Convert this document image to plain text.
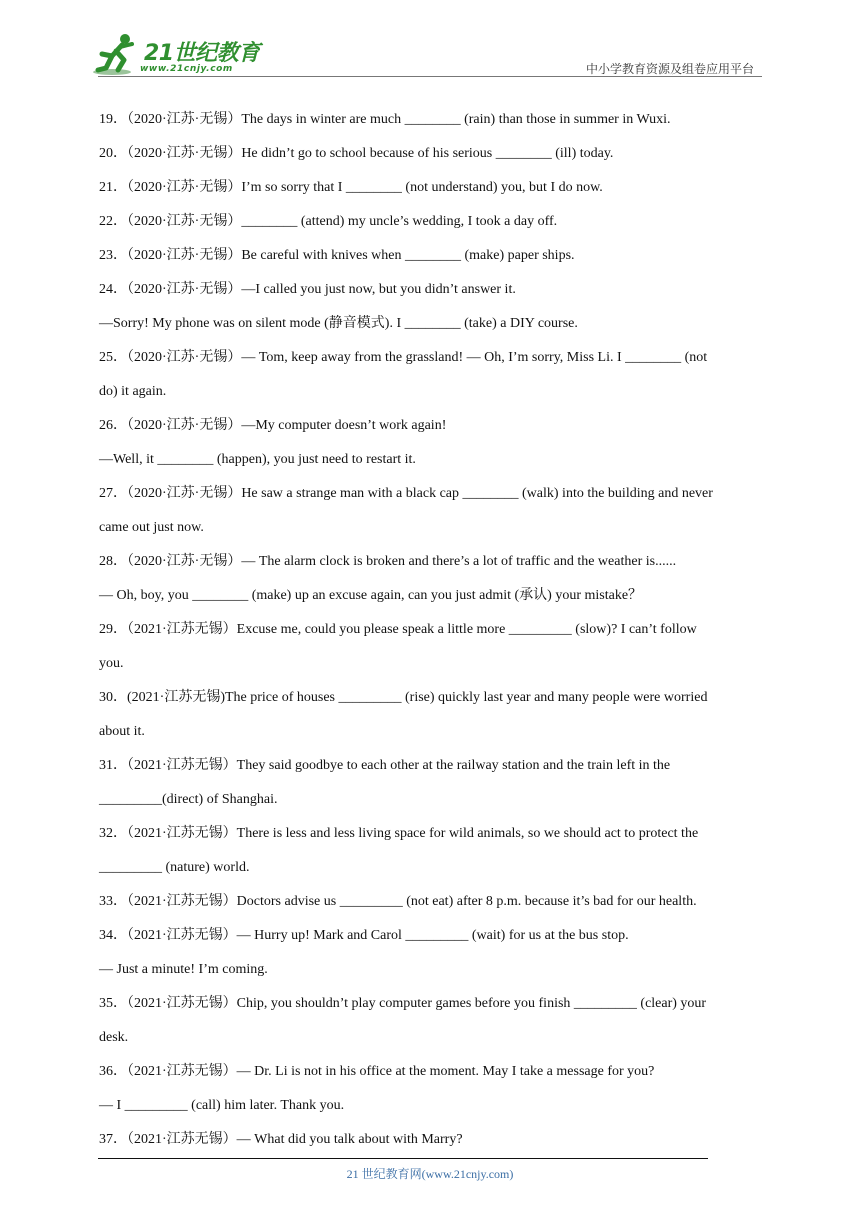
21世纪教育
www.21cnjy.com	中小学教育资源及组卷应用平台
19．（2020·江苏·无锡）The days in winter are much ________ (rain) than those in summer in Wuxi.
20．（2020·江苏·无锡）He didn’t go to school because of his serious ________ (ill) today.
21．（2020·江苏·无锡）I’m so sorry that I ________ (not understand) you, but I do now.
22．（2020·江苏·无锡）________ (attend) my uncle’s wedding, I took a day off.
23．（2020·江苏·无锡）Be careful with knives when ________ (make) paper ships.
24．（2020·江苏·无锡）—I called you just now, but you didn’t answer it.
—Sorry! My phone was on silent mode (静音模式). I ________ (take) a DIY course.
25．（2020·江苏·无锡）— Tom, keep away from the grassland! — Oh, I’m sorry, Miss Li. I ________ (not
do) it again.
26．（2020·江苏·无锡）—My computer doesn’t work again!
—Well, it ________ (happen), you just need to restart it.
27．（2020·江苏·无锡）He saw a strange man with a black cap ________ (walk) into the building and never
came out just now.
28．（2020·江苏·无锡）— The alarm clock is broken and there’s a lot of traffic and the weather is......
— Oh, boy, you ________ (make) up an excuse again, can you just admit (承认) your mistake？
29．（2021·江苏无锡）Excuse me, could you please speak a little more _________ (slow)? I can’t follow
you.
30．(2021·江苏无锡)The price of houses _________ (rise) quickly last year and many people were worried
about it.
31．（2021·江苏无锡）They said goodbye to each other at the railway station and the train left in the
_________(direct) of Shanghai.
32．（2021·江苏无锡）There is less and less living space for wild animals, so we should act to protect the
_________ (nature) world.
33．（2021·江苏无锡）Doctors advise us _________ (not eat) after 8 p.m. because it’s bad for our health.
34．（2021·江苏无锡）— Hurry up! Mark and Carol _________ (wait) for us at the bus stop.
— Just a minute! I’m coming.
35．（2021·江苏无锡）Chip, you shouldn’t play computer games before you finish _________ (clear) your
desk.
36．（2021·江苏无锡）— Dr. Li is not in his office at the moment. May I take a message for you?
— I _________ (call) him later. Thank you.
37．（2021·江苏无锡）— What did you talk about with Marry?
21 世纪教育网(www.21cnjy.com)
